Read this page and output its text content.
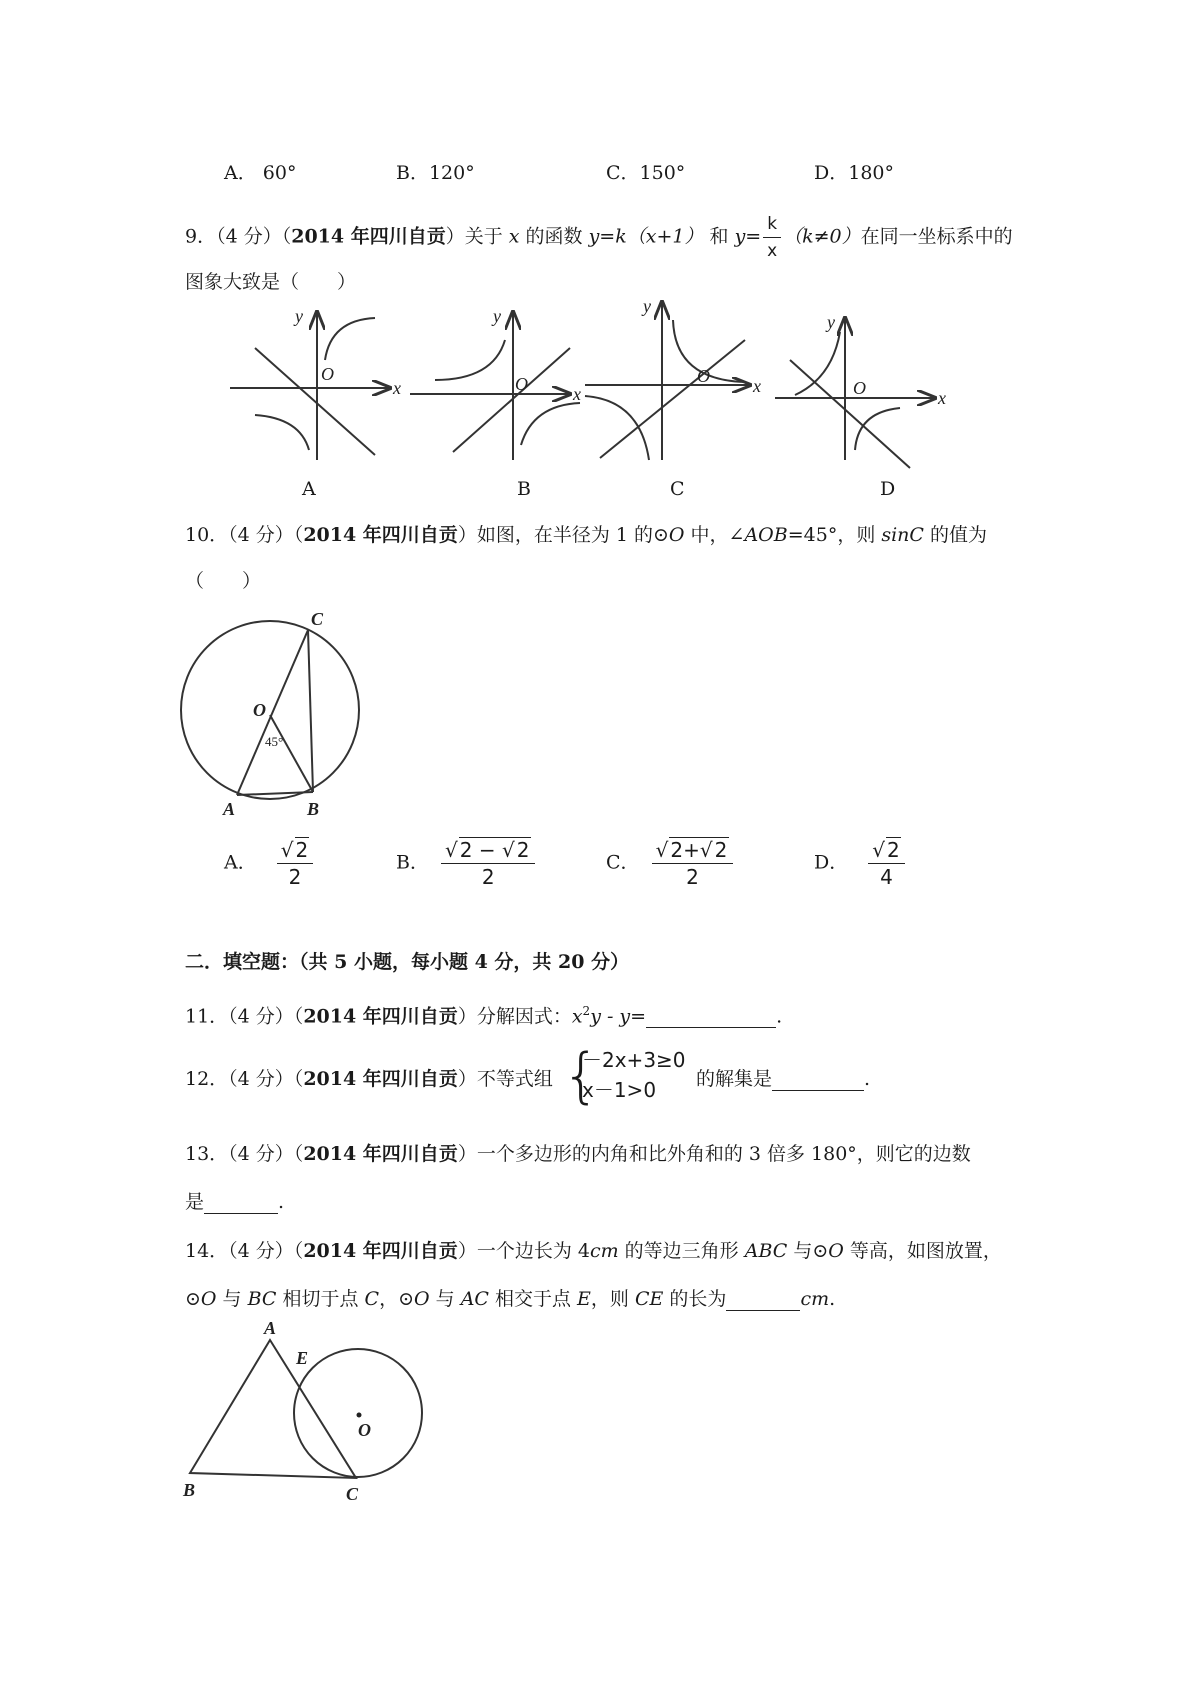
A． 60°	B．120°	C．150°	D．180°
9．（4 分）（2014 年四川自贡）关于 x 的函数 y=k（x+1） 和 $y= \frac{k}{x} (k\ne 0)$在同一坐标系中的
图象大致是（　　）
x
y
O
x
y
O	x
y
O
x
y
O
A	B	C	D
10．（4 分）（2014 年四川自贡）如图，在半径为 1 的⊙O 中，∠AOB=45°，则 sinC 的值为
（　　）
C
O
A	B
45°
A． $\frac{√ 2}{2}$	B． $\frac{√ 2 - √ 2}{2}$	C． $\frac{√ 2+√ 2}{2}$	D． $\frac{√ 2}{4}$
二．填空题：（共 5 小题，每小题 4 分，共 20 分）
11．（4 分）（2014 年四川自贡）分解因式：$x^2y - y=$	.
12．（4 分）（2014 年四川自贡）不等式组 {
－2x+3≥0
x－1>0	的解集是	.
13．（4 分）（2014 年四川自贡）一个多边形的内角和比外角和的 3 倍多 180°，则它的边数
是	.
14．（4 分）（2014 年四川自贡）一个边长为 4cm 的等边三角形 ABC 与⊙O 等高，如图放置，
⊙O 与 BC 相切于点 C，⊙O 与 AC 相交于点 E，则 CE 的长为	cm.
A
E
O
B	C
